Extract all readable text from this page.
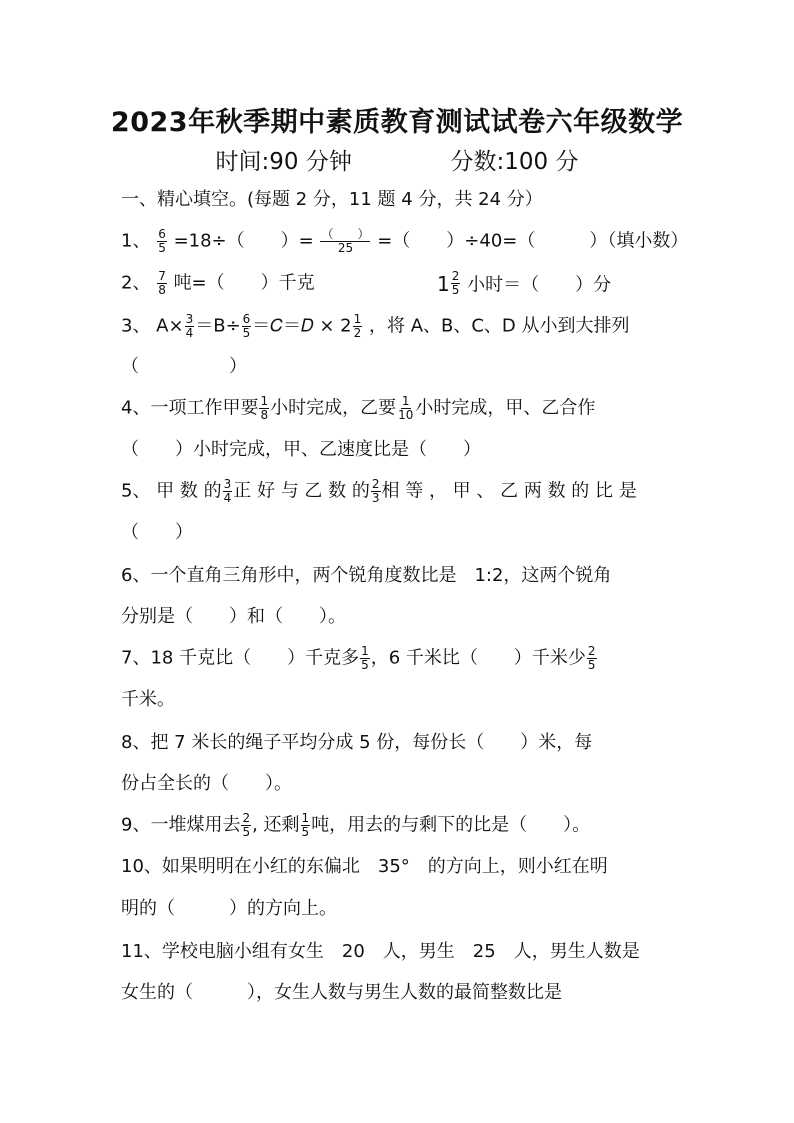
2023年秋季期中素质教育测试试卷六年级数学
时间:90 分钟	分数:100 分
一、精心填空。(每题 2 分，11 题 4 分，共 24 分）
1、 $\frac{6}{5} =18\div$（　　）= $\frac{( )}{25}$ =（　　）÷40=（　　　）（填小数）
2、 $\frac{7}{8}$ 吨=（　　）千克	$1 \frac{2}{5}$ 小时＝（　　）分
3、 $A\times \frac{3}{4} =B\div \frac{6}{5}$ ＝𝐶＝𝐷 × $2 \frac{1}{2}$ ，将 A、B、C、D 从小到大排列
（　　　　　）
4、一项工作甲要 $\frac{1}{8}$ 小时完成，乙要 $\frac{1}{10}$ 小时完成，甲、乙合作
（　　）小时完成，甲、乙速度比是（　　）
5、 甲 数 的 $\frac{3}{4}$ 正 好 与 乙 数 的 $\frac{2}{3}$ 相 等 ， 甲 、 乙 两 数 的 比 是
（　　）
6、一个直角三角形中，两个锐角度数比是　1:2，这两个锐角
分别是（　　）和（　　）。
7、18 千克比（　　）千克多 $\frac{1}{5}$ ，6 千米比（　　）千米少 $\frac{2}{5}$
千米。
8、把 7 米长的绳子平均分成 5 份，每份长（　　）米，每
份占全长的（　　）。
9、一堆煤用去 $\frac{2}{5}$ , 还剩 $\frac{1}{5}$ 吨，用去的与剩下的比是（　　）。
10、如果明明在小红的东偏北　35°　的方向上，则小红在明
明的（　　　）的方向上。
11、学校电脑小组有女生　20　人，男生　25　人，男生人数是
女生的（　　　），女生人数与男生人数的最简整数比是
